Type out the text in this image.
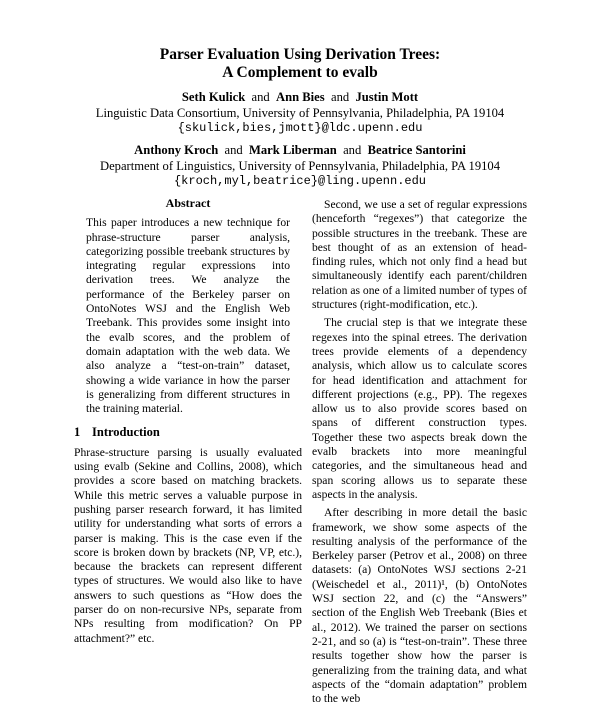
Parser Evaluation Using Derivation Trees:
A Complement to evalb
Seth Kulick and Ann Bies and Justin Mott
Linguistic Data Consortium, University of Pennsylvania, Philadelphia, PA 19104
{skulick,bies,jmott}@ldc.upenn.edu
Anthony Kroch and Mark Liberman and Beatrice Santorini
Department of Linguistics, University of Pennsylvania, Philadelphia, PA 19104
{kroch,myl,beatrice}@ling.upenn.edu
Abstract

This paper introduces a new technique for phrase-structure parser analysis, categorizing possible treebank structures by integrating regular expressions into derivation trees. We analyze the performance of the Berkeley parser on OntoNotes WSJ and the English Web Treebank. This provides some insight into the evalb scores, and the problem of domain adaptation with the web data. We also analyze a “test-on-train” dataset, showing a wide variance in how the parser is generalizing from different structures in the training material.

1 Introduction

Phrase-structure parsing is usually evaluated using evalb (Sekine and Collins, 2008), which provides a score based on matching brackets. While this metric serves a valuable purpose in pushing parser research forward, it has limited utility for understanding what sorts of errors a parser is making. This is the case even if the score is broken down by brackets (NP, VP, etc.), because the brackets can represent different types of structures. We would also like to have answers to such questions as “How does the parser do on non-recursive NPs, separate from NPs resulting from modification? On PP attachment?” etc.

Second, we use a set of regular expressions (henceforth “regexes”) that categorize the possible structures in the treebank. These are best thought of as an extension of head-finding rules, which not only find a head but simultaneously identify each parent/children relation as one of a limited number of types of structures (right-modification, etc.).

The crucial step is that we integrate these regexes into the spinal etrees. The derivation trees provide elements of a dependency analysis, which allow us to calculate scores for head identification and attachment for different projections (e.g., PP). The regexes allow us to also provide scores based on spans of different construction types. Together these two aspects break down the evalb brackets into more meaningful categories, and the simultaneous head and span scoring allows us to separate these aspects in the analysis.

After describing in more detail the basic framework, we show some aspects of the resulting analysis of the performance of the Berkeley parser (Petrov et al., 2008) on three datasets: (a) OntoNotes WSJ sections 2-21 (Weischedel et al., 2011)¹, (b) OntoNotes WSJ section 22, and (c) the “Answers” section of the English Web Treebank (Bies et al., 2012). We trained the parser on sections 2-21, and so (a) is “test-on-train”. These three results together show how the parser is generalizing from the training data, and what aspects of the “domain adaptation” problem to the web
